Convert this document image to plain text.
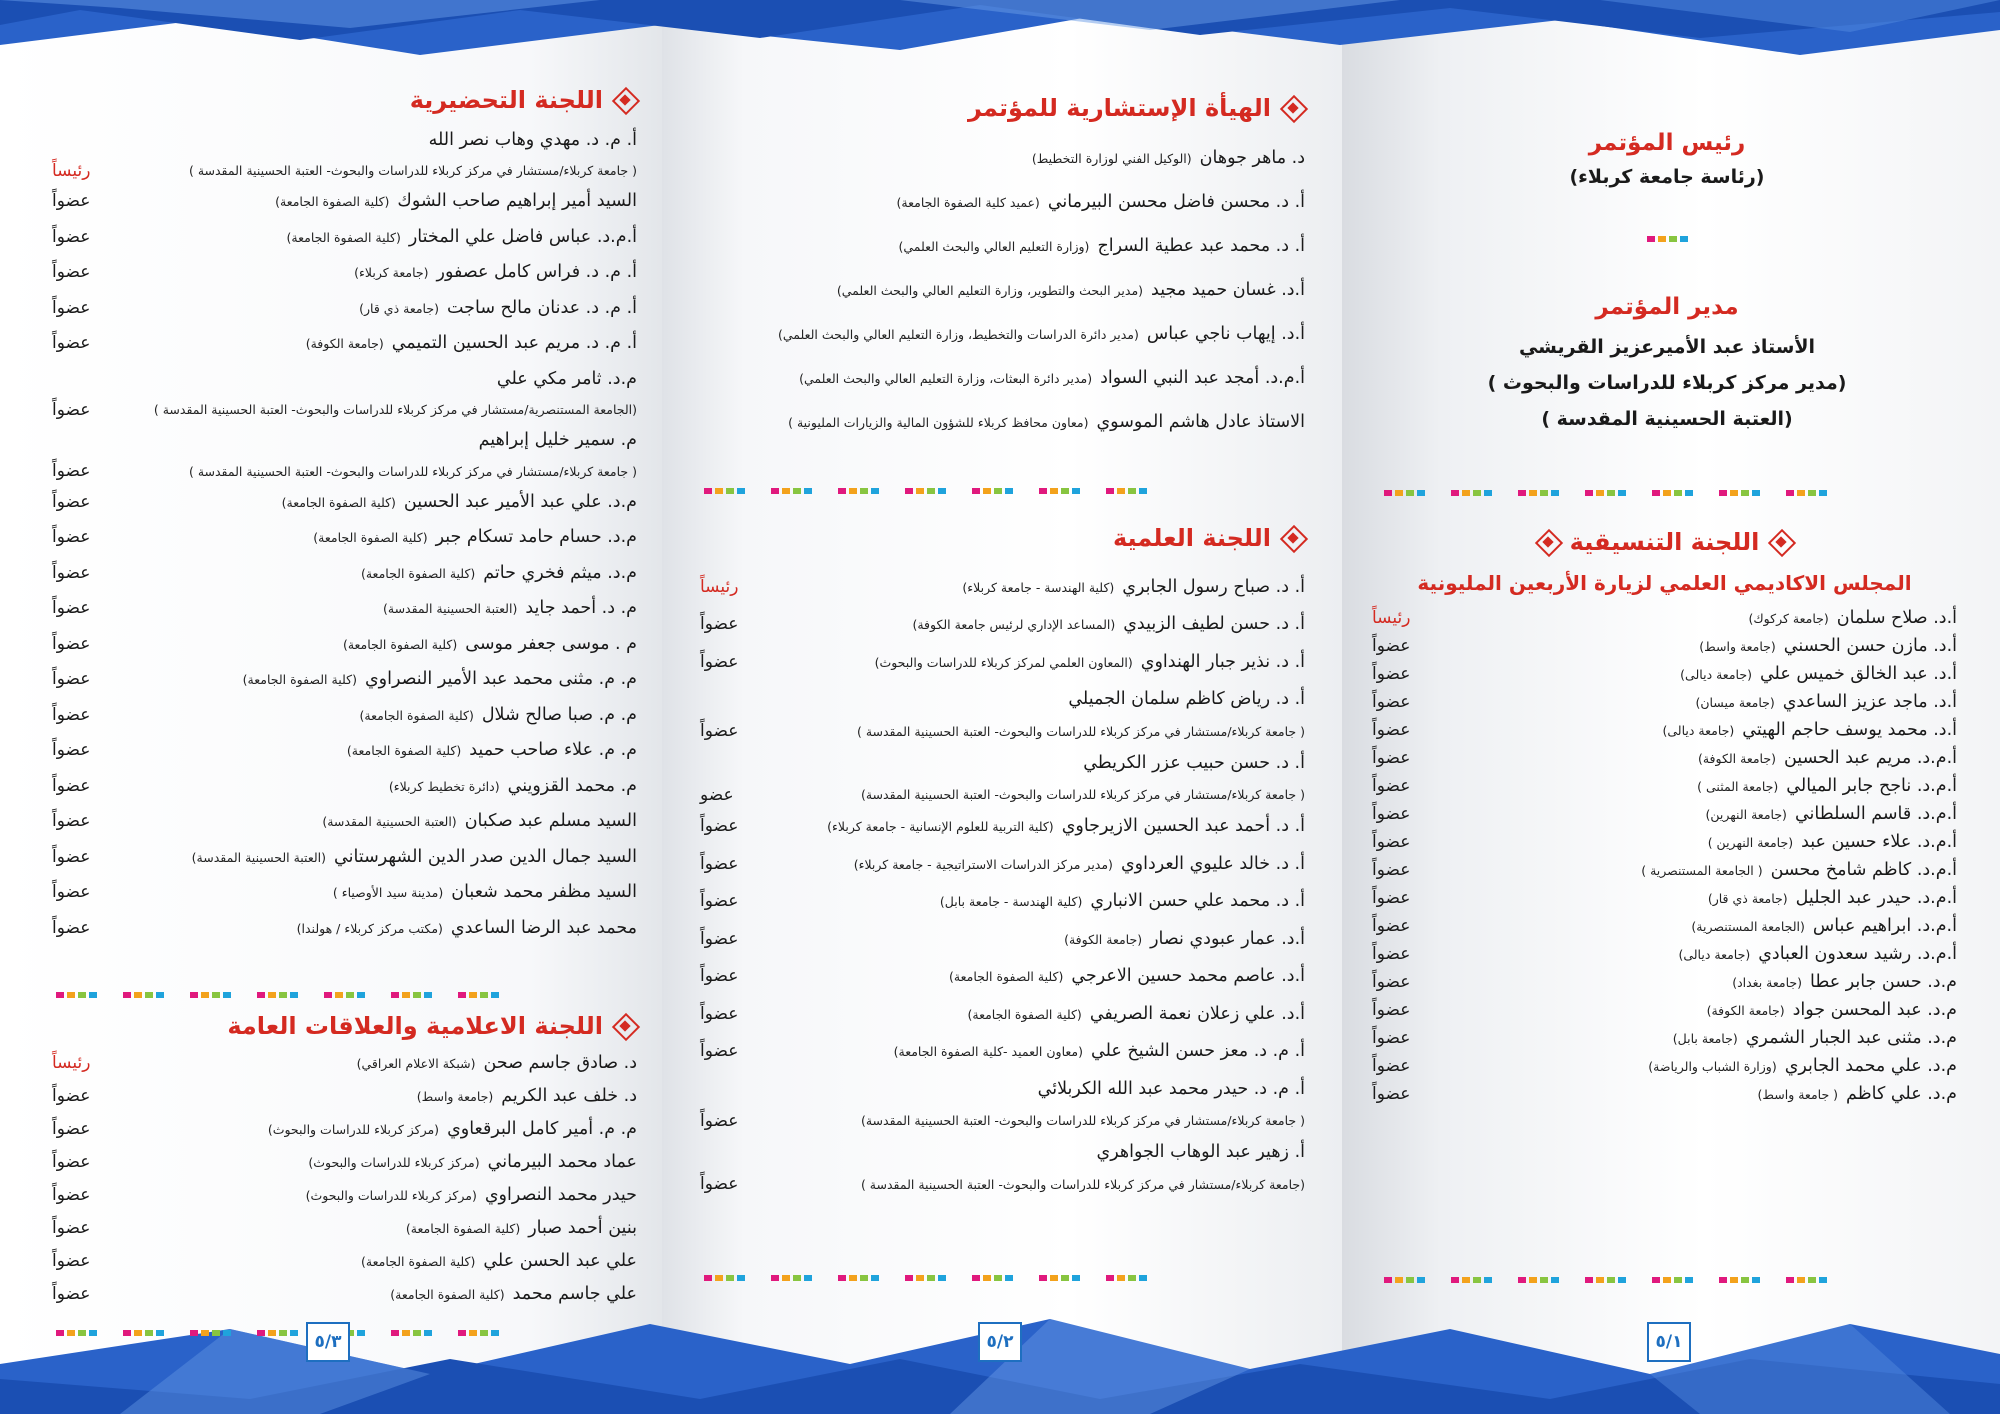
رئيس المؤتمر
(رئاسة جامعة كربلاء)
مدير المؤتمر
الأستاذ عبد الأميرعزيز القريشي
(مدير مركز كربلاء للدراسات والبحوث )
(العتبة الحسينية المقدسة )
اللجنة التنسيقية
المجلس الاكاديمي العلمي لزيارة الأربعين المليونية
أ.د. صلاح سلمان
(جامعة كركوك)
رئيساً
أ.د. مازن حسن الحسني
(جامعة واسط)
عضواً
أ.د. عبد الخالق خميس علي
(جامعة ديالى)
عضواً
أ.د. ماجد عزيز الساعدي
(جامعة ميسان)
عضواً
أ.د. محمد يوسف حاجم الهيتي
(جامعة ديالى)
عضواً
أ.م.د. مريم عبد الحسين
(جامعة الكوفة)
عضواً
أ.م.د. ناجح جابر الميالي
(جامعة المثنى )
عضواً
أ.م.د. قاسم السلطاني
(جامعة النهرين)
عضواً
أ.م.د. علاء حسين عبد
(جامعة النهرين )
عضواً
أ.م.د. كاظم شامخ محسن
( الجامعة المستنصرية )
عضواً
أ.م.د. حيدر عبد الجليل
(جامعة ذي قار)
عضواً
أ.م.د. ابراهيم عباس
(الجامعة المستنصرية)
عضواً
أ.م.د. رشيد سعدون العبادي
(جامعة ديالى)
عضواً
م.د. حسن جابر عطا
(جامعة بغداد)
عضواً
م.د. عبد المحسن جواد
(جامعة الكوفة)
عضواً
م.د. مثنى عبد الجبار الشمري
(جامعة بابل)
عضواً
م.د. علي محمد الجابري
(وزارة الشباب والرياضة)
عضواً
م.د. علي كاظم
( جامعة واسط)
عضواً
٥/١
الهيأة الإستشارية للمؤتمر
د. ماهر جوهان
(الوكيل الفني لوزارة التخطيط)
أ. د. محسن فاضل محسن البيرماني
(عميد كلية الصفوة الجامعة)
أ. د. محمد عبد عطية السراج
(وزارة التعليم العالي والبحث العلمي)
أ.د. غسان حميد مجيد
(مدير البحث والتطوير، وزارة التعليم العالي والبحث العلمي)
أ.د. إيهاب ناجي عباس
(مدير دائرة الدراسات والتخطيط، وزارة التعليم العالي والبحث العلمي)
أ.م.د. أمجد عبد النبي السواد
(مدير دائرة البعثات، وزارة التعليم العالي والبحث العلمي)
الاستاذ عادل هاشم الموسوي
(معاون محافظ كربلاء للشؤون المالية والزيارات المليونية )
اللجنة العلمية
أ. د. صباح رسول الجابري
(كلية الهندسة - جامعة كربلاء)
رئيساً
أ. د. حسن لطيف الزبيدي
(المساعد الإداري لرئيس جامعة الكوفة)
عضواً
أ. د. نذير جبار الهنداوي
(المعاون العلمي لمركز كربلاء للدراسات والبحوث)
عضواً
أ. د. رياض كاظم سلمان الجميلي
( جامعة كربلاء/مستشار في مركز كربلاء للدراسات والبحوث- العتبة الحسينية المقدسة )
عضواً
أ. د. حسن حبيب عزر الكريطي
( جامعة كربلاء/مستشار في مركز كربلاء للدراسات والبحوث- العتبة الحسينية المقدسة)
عضو
أ. د. أحمد عبد الحسين الازيرجاوي
(كلية التربية للعلوم الإنسانية - جامعة كربلاء)
عضواً
أ. د. خالد عليوي العرداوي
(مدير مركز الدراسات الاستراتيجية - جامعة كربلاء)
عضواً
أ. د. محمد علي حسن الانباري
(كلية الهندسة - جامعة بابل)
عضواً
أ.د. عمار عبودي نصار
(جامعة الكوفة)
عضواً
أ.د. عاصم محمد حسين الاعرجي
(كلية الصفوة الجامعة)
عضواً
أ.د. علي زعلان نعمة الصريفي
(كلية الصفوة الجامعة)
عضواً
أ. م. د. معز حسن الشيخ علي
(معاون العميد -كلية الصفوة الجامعة)
عضواً
أ. م. د. حيدر محمد عبد الله الكربلائي
( جامعة كربلاء/مستشار في مركز كربلاء للدراسات والبحوث- العتبة الحسينية المقدسة)
عضواً
أ. زهير عبد الوهاب الجواهري
(جامعة كربلاء/مستشار في مركز كربلاء للدراسات والبحوث- العتبة الحسينية المقدسة )
عضواً
٥/٢
اللجنة التحضيرية
أ. م. د. مهدي وهاب نصر الله
( جامعة كربلاء/مستشار في مركز كربلاء للدراسات والبحوث- العتبة الحسينية المقدسة )
رئيساً
السيد أمير إبراهيم صاحب الشوك
(كلية الصفوة الجامعة)
عضواً
أ.م.د. عباس فاضل علي المختار
(كلية الصفوة الجامعة)
عضواً
أ. م. د. فراس كامل عصفور
(جامعة كربلاء)
عضواً
أ. م. د. عدنان مالح ساجت
(جامعة ذي قار)
عضواً
أ. م. د. مريم عبد الحسين التميمي
(جامعة الكوفة)
عضواً
م.د. ثامر مكي علي
(الجامعة المستنصرية/مستشار في مركز كربلاء للدراسات والبحوث- العتبة الحسينية المقدسة )
عضواً
م. سمير خليل إبراهيم
( جامعة كربلاء/مستشار في مركز كربلاء للدراسات والبحوث- العتبة الحسينية المقدسة )
عضواً
م.د. علي عبد الأمير عبد الحسين
(كلية الصفوة الجامعة)
عضواً
م.د. حسام حامد تسكام جبر
(كلية الصفوة الجامعة)
عضواً
م.د. ميثم فخري حاتم
(كلية الصفوة الجامعة)
عضواً
م. د. أحمد جايد
(العتبة الحسينية المقدسة)
عضواً
م . موسى جعفر موسى
(كلية الصفوة الجامعة)
عضواً
م. م. مثنى محمد عبد الأمير النصراوي
(كلية الصفوة الجامعة)
عضواً
م. م. صبا صالح شلال
(كلية الصفوة الجامعة)
عضواً
م. م. علاء صاحب حميد
(كلية الصفوة الجامعة)
عضواً
م. محمد القزويني
(دائرة تخطيط كربلاء)
عضواً
السيد مسلم عبد صكبان
(العتبة الحسينية المقدسة)
عضواً
السيد جمال الدين صدر الدين الشهرستاني
(العتبة الحسينية المقدسة)
عضواً
السيد مظفر محمد شعبان
(مدينة سيد الأوصياء )
عضواً
محمد عبد الرضا الساعدي
(مكتب مركز كربلاء / هولندا)
عضواً
اللجنة الاعلامية والعلاقات العامة
د. صادق جاسم صحن
(شبكة الاعلام العراقي)
رئيساً
د. خلف عبد الكريم
(جامعة واسط)
عضواً
م. م. أمير كامل البرقعاوي
(مركز كربلاء للدراسات والبحوث)
عضواً
عماد محمد البيرماني
(مركز كربلاء للدراسات والبحوث)
عضواً
حيدر محمد النصراوي
(مركز كربلاء للدراسات والبحوث)
عضواً
بنين أحمد صبار
(كلية الصفوة الجامعة)
عضواً
علي عبد الحسن علي
(كلية الصفوة الجامعة)
عضواً
علي جاسم محمد
(كلية الصفوة الجامعة)
عضواً
٥/٣
